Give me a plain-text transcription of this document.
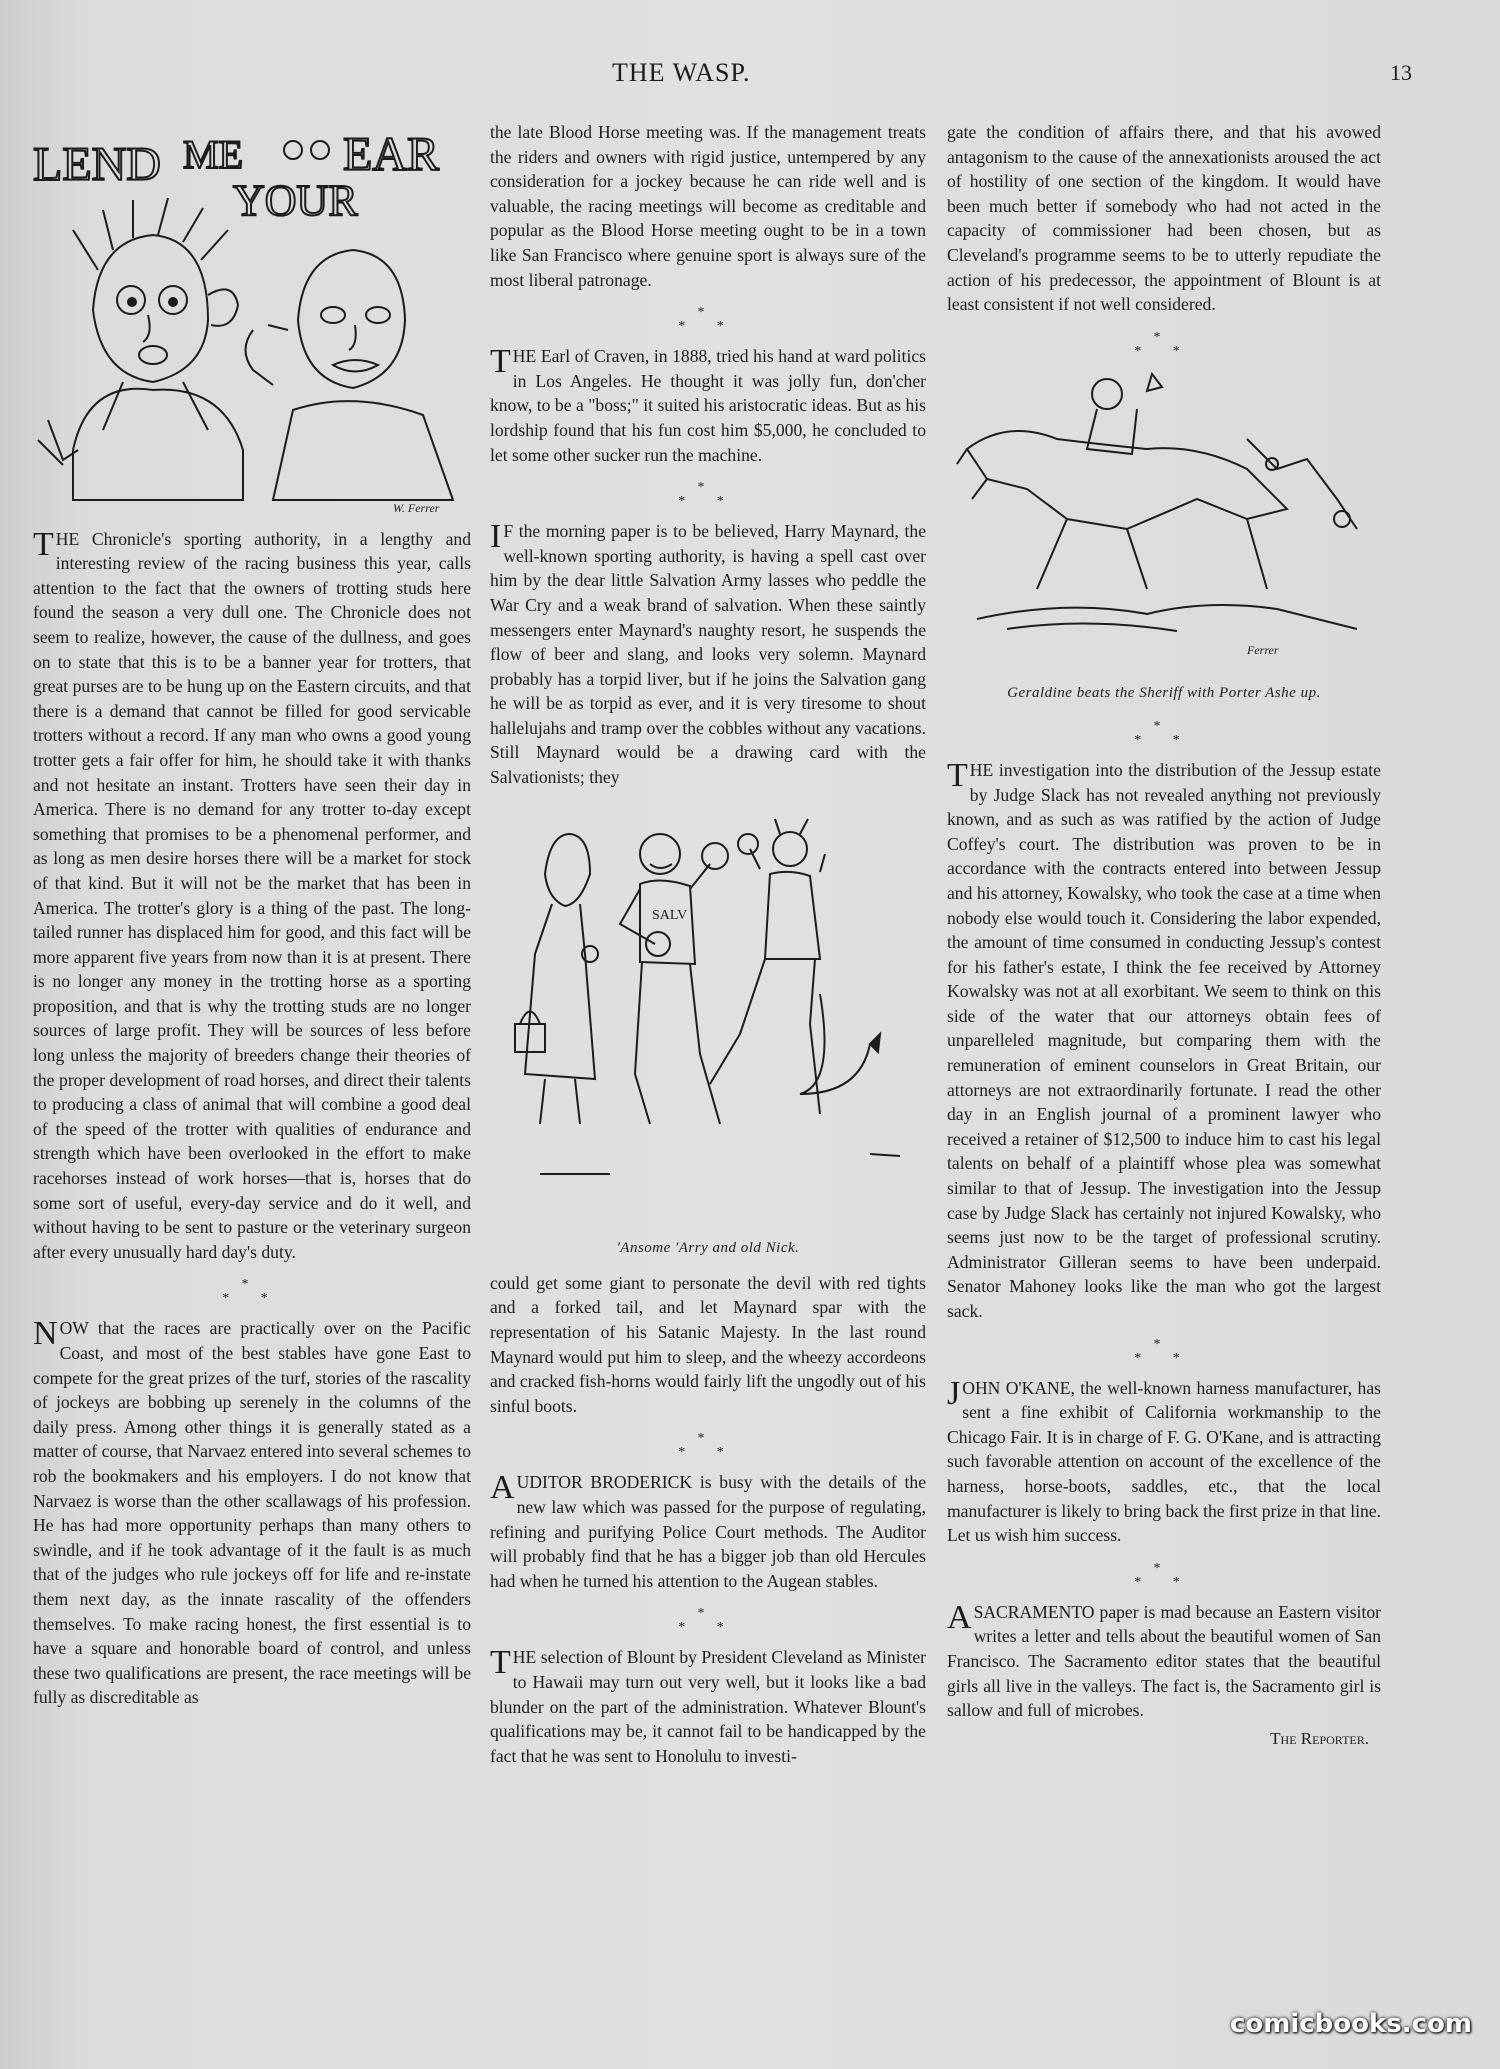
THE WASP.	13
LEND ME
YOUR
EAR
W. Ferrer

THE Chronicle's sporting authority, in a lengthy and interesting review of the racing business this year, calls attention to the fact that the owners of trotting studs here found the season a very dull one. The Chronicle does not seem to realize, however, the cause of the dullness, and goes on to state that this is to be a banner year for trotters, that great purses are to be hung up on the Eastern circuits, and that there is a demand that cannot be filled for good servicable trotters without a record. If any man who owns a good young trotter gets a fair offer for him, he should take it with thanks and not hesitate an instant. Trotters have seen their day in America. There is no demand for any trotter to-day except something that promises to be a phenomenal performer, and as long as men desire horses there will be a market for stock of that kind. But it will not be the market that has been in America. The trotter's glory is a thing of the past. The long-tailed runner has displaced him for good, and this fact will be more apparent five years from now than it is at present. There is no longer any money in the trotting horse as a sporting proposition, and that is why the trotting studs are no longer sources of large profit. They will be sources of less before long unless the majority of breeders change their theories of the proper development of road horses, and direct their talents to producing a class of animal that will combine a good deal of the speed of the trotter with qualities of endurance and strength which have been overlooked in the effort to make racehorses instead of work horses—that is, horses that do some sort of useful, every-day service and do it well, and without having to be sent to pasture or the veterinary surgeon after every unusually hard day's duty.

*
* *

NOW that the races are practically over on the Pacific Coast, and most of the best stables have gone East to compete for the great prizes of the turf, stories of the rascality of jockeys are bobbing up serenely in the columns of the daily press. Among other things it is generally stated as a matter of course, that Narvaez entered into several schemes to rob the bookmakers and his employers. I do not know that Narvaez is worse than the other scallawags of his profession. He has had more opportunity perhaps than many others to swindle, and if he took advantage of it the fault is as much that of the judges who rule jockeys off for life and re-instate them next day, as the innate rascality of the offenders themselves. To make racing honest, the first essential is to have a square and honorable board of control, and unless these two qualifications are present, the race meetings will be fully as discreditable as

the late Blood Horse meeting was. If the management treats the riders and owners with rigid justice, untempered by any consideration for a jockey because he can ride well and is valuable, the racing meetings will become as creditable and popular as the Blood Horse meeting ought to be in a town like San Francisco where genuine sport is always sure of the most liberal patronage.

*
* *

THE Earl of Craven, in 1888, tried his hand at ward politics in Los Angeles. He thought it was jolly fun, don'cher know, to be a "boss;" it suited his aristocratic ideas. But as his lordship found that his fun cost him $5,000, he concluded to let some other sucker run the machine.

*
* *

IF the morning paper is to be believed, Harry Maynard, the well-known sporting authority, is having a spell cast over him by the dear little Salvation Army lasses who peddle the War Cry and a weak brand of salvation. When these saintly messengers enter Maynard's naughty resort, he suspends the flow of beer and slang, and looks very solemn. Maynard probably has a torpid liver, but if he joins the Salvation gang he will be as torpid as ever, and it is very tiresome to shout hallelujahs and tramp over the cobbles without any vacations. Still Maynard would be a drawing card with the Salvationists; they

SALV
'Ansome 'Arry and old Nick.

could get some giant to personate the devil with red tights and a forked tail, and let Maynard spar with the representation of his Satanic Majesty. In the last round Maynard would put him to sleep, and the wheezy accordeons and cracked fish-horns would fairly lift the ungodly out of his sinful boots.

*
* *

AUDITOR BRODERICK is busy with the details of the new law which was passed for the purpose of regulating, refining and purifying Police Court methods. The Auditor will probably find that he has a bigger job than old Hercules had when he turned his attention to the Augean stables.

*
* *

THE selection of Blount by President Cleveland as Minister to Hawaii may turn out very well, but it looks like a bad blunder on the part of the administration. Whatever Blount's qualifications may be, it cannot fail to be handicapped by the fact that he was sent to Honolulu to investi-

gate the condition of affairs there, and that his avowed antagonism to the cause of the annexationists aroused the act of hostility of one section of the kingdom. It would have been much better if somebody who had not acted in the capacity of commissioner had been chosen, but as Cleveland's programme seems to be to utterly repudiate the action of his predecessor, the appointment of Blount is at least consistent if not well considered.

*
* *
Ferrer
Geraldine beats the Sheriff with Porter Ashe up.
*
* *

THE investigation into the distribution of the Jessup estate by Judge Slack has not revealed anything not previously known, and as such as was ratified by the action of Judge Coffey's court. The distribution was proven to be in accordance with the contracts entered into between Jessup and his attorney, Kowalsky, who took the case at a time when nobody else would touch it. Considering the labor expended, the amount of time consumed in conducting Jessup's contest for his father's estate, I think the fee received by Attorney Kowalsky was not at all exorbitant. We seem to think on this side of the water that our attorneys obtain fees of unparelleled magnitude, but comparing them with the remuneration of eminent counselors in Great Britain, our attorneys are not extraordinarily fortunate. I read the other day in an English journal of a prominent lawyer who received a retainer of $12,500 to induce him to cast his legal talents on behalf of a plaintiff whose plea was somewhat similar to that of Jessup. The investigation into the Jessup case by Judge Slack has certainly not injured Kowalsky, who seems just now to be the target of professional scrutiny. Administrator Gilleran seems to have been underpaid. Senator Mahoney looks like the man who got the largest sack.

*
* *

JOHN O'KANE, the well-known harness manufacturer, has sent a fine exhibit of California workmanship to the Chicago Fair. It is in charge of F. G. O'Kane, and is attracting such favorable attention on account of the excellence of the harness, horse-boots, saddles, etc., that the local manufacturer is likely to bring back the first prize in that line. Let us wish him success.

*
* *

ASACRAMENTO paper is mad because an Eastern visitor writes a letter and tells about the beautiful women of San Francisco. The Sacramento editor states that the beautiful girls all live in the valleys. The fact is, the Sacramento girl is sallow and full of microbes.

The Reporter.
comicbooks.com
